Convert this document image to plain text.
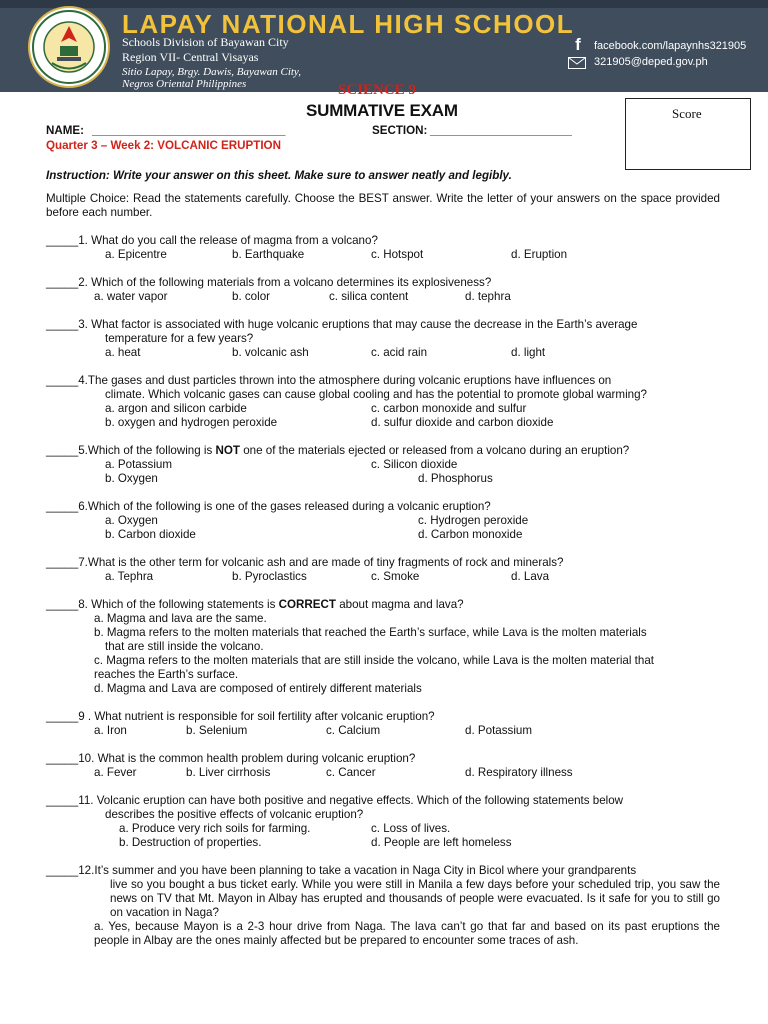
LAPAY NATIONAL HIGH SCHOOL
Schools Division of Bayawan City
Region VII- Central Visayas
Sitio Lapay, Brgy. Dawis, Bayawan City,
Negros Oriental Philippines
f	facebook.com/lapaynhs321905
321905@deped.gov.ph
SCIENCE 9
SUMMATIVE EXAM	Score
NAME: ______________________________	SECTION: ______________________
Quarter 3 – Week 2: VOLCANIC ERUPTION
Instruction: Write your answer on this sheet. Make sure to answer neatly and legibly.
Multiple Choice: Read the statements carefully. Choose the BEST answer. Write the letter of your answers on the space provided before each number.
_____1. What do you call the release of magma from a volcano?
a. Epicentre	b. Earthquake	c. Hotspot	d. Eruption
_____2. Which of the following materials from a volcano determines its explosiveness?
a. water vapor	b. color	c. silica content	d. tephra
_____3. What factor is associated with huge volcanic eruptions that may cause the decrease in the Earth’s average
temperature for a few years?
a. heat	b. volcanic ash	c. acid rain	d. light
_____4.The gases and dust particles thrown into the atmosphere during volcanic eruptions have influences on
climate. Which volcanic gases can cause global cooling and has the potential to promote global warming?
a. argon and silicon carbide	c. carbon monoxide and sulfur
b. oxygen and hydrogen peroxide	d. sulfur dioxide and carbon dioxide
_____5.Which of the following is NOT one of the materials ejected or released from a volcano during an eruption?
a. Potassium	c. Silicon dioxide
b. Oxygen	d. Phosphorus
_____6.Which of the following is one of the gases released during a volcanic eruption?
a. Oxygen	c. Hydrogen peroxide
b. Carbon dioxide	d. Carbon monoxide
_____7.What is the other term for volcanic ash and are made of tiny fragments of rock and minerals?
a. Tephra	b. Pyroclastics	c. Smoke	d. Lava
_____8. Which of the following statements is CORRECT about magma and lava?
a. Magma and lava are the same.
b. Magma refers to the molten materials that reached the Earth’s surface, while Lava is the molten materials
that are still inside the volcano.
c. Magma refers to the molten materials that are still inside the volcano, while Lava is the molten material that
reaches the Earth’s surface.
d. Magma and Lava are composed of entirely different materials
_____9 . What nutrient is responsible for soil fertility after volcanic eruption?
a. Iron	b. Selenium	c. Calcium	d. Potassium
_____10. What is the common health problem during volcanic eruption?
a. Fever	b. Liver cirrhosis	c. Cancer	d. Respiratory illness
_____11. Volcanic eruption can have both positive and negative effects. Which of the following statements below
describes the positive effects of volcanic eruption?
a. Produce very rich soils for farming.	c. Loss of lives.
b. Destruction of properties.	d. People are left homeless
_____12.It’s summer and you have been planning to take a vacation in Naga City in Bicol where your grandparents
live so you bought a bus ticket early. While you were still in Manila a few days before your scheduled trip, you saw the news on TV that Mt. Mayon in Albay has erupted and thousands of people were evacuated. Is it safe for you to still go on vacation in Naga?
a. Yes, because Mayon is a 2-3 hour drive from Naga. The lava can’t go that far and based on its past eruptions the people in Albay are the ones mainly affected but be prepared to encounter some traces of ash.
